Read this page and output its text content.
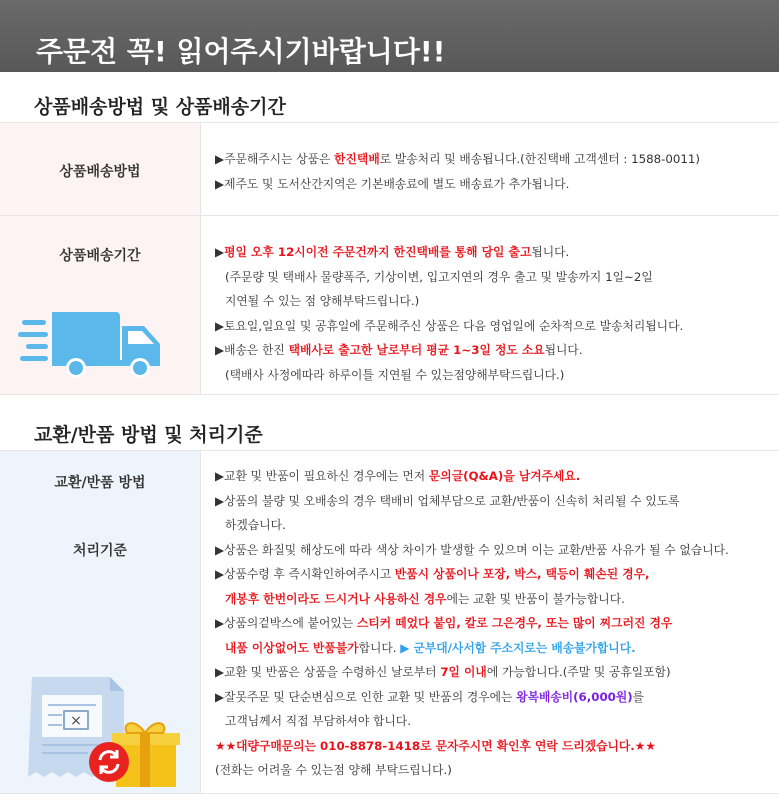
주문전 꼭! 읽어주시기바랍니다!!
상품배송방법 및 상품배송기간
상품배송방법
▶주문해주시는 상품은 한진택배로 발송처리 및 배송됩니다.(한진택배 고객센터 : 1588-0011)
▶제주도 및 도서산간지역은 기본배송료에 별도 배송료가 추가됩니다.
상품배송기간	▶평일 오후 12시이전 주문건까지 한진택배를 통해 당일 출고됩니다.
(주문량 및 택배사 물량폭주, 기상이변, 입고지연의 경우 출고 및 발송까지 1일~2일
지연될 수 있는 점 양해부탁드립니다.)
▶토요일,일요일 및 공휴일에 주문해주신 상품은 다음 영업일에 순차적으로 발송처리됩니다.
▶배송은 한진 택배사로 출고한 날로부터 평균 1~3일 정도 소요됩니다.
(택배사 사정에따라 하루이틀 지연될 수 있는점양해부탁드립니다.)
교환/반품 방법 및 처리기준
교환/반품 방법
처리기준
×
▶교환 및 반품이 필요하신 경우에는 먼저 문의글(Q&A)을 남겨주세요.
▶상품의 불량 및 오배송의 경우 택배비 업체부담으로 교환/반품이 신속히 처리될 수 있도록
하겠습니다.
▶상품은 화질및 해상도에 따라 색상 차이가 발생할 수 있으며 이는 교환/반품 사유가 될 수 없습니다.
▶상품수령 후 즉시확인하여주시고 반품시 상품이나 포장, 박스, 택등이 훼손된 경우,
개봉후 한번이라도 드시거나 사용하신 경우에는 교환 및 반품이 불가능합니다.
▶상품의겉박스에 붙어있는 스티커 떼었다 붙임, 칼로 그은경우, 또는 많이 찌그러진 경우
내품 이상없어도 반품불가합니다. ▶ 군부대/사서함 주소지로는 배송불가합니다.
▶교환 및 반품은 상품을 수령하신 날로부터 7일 이내에 가능합니다.(주말 및 공휴일포함)
▶잘못주문 및 단순변심으로 인한 교환 및 반품의 경우에는 왕복배송비(6,000원)를
고객님께서 직접 부담하셔야 합니다.
★★대량구매문의는 010-8878-1418로 문자주시면 확인후 연락 드리겠습니다.★★
(전화는 어려울 수 있는점 양해 부탁드립니다.)
